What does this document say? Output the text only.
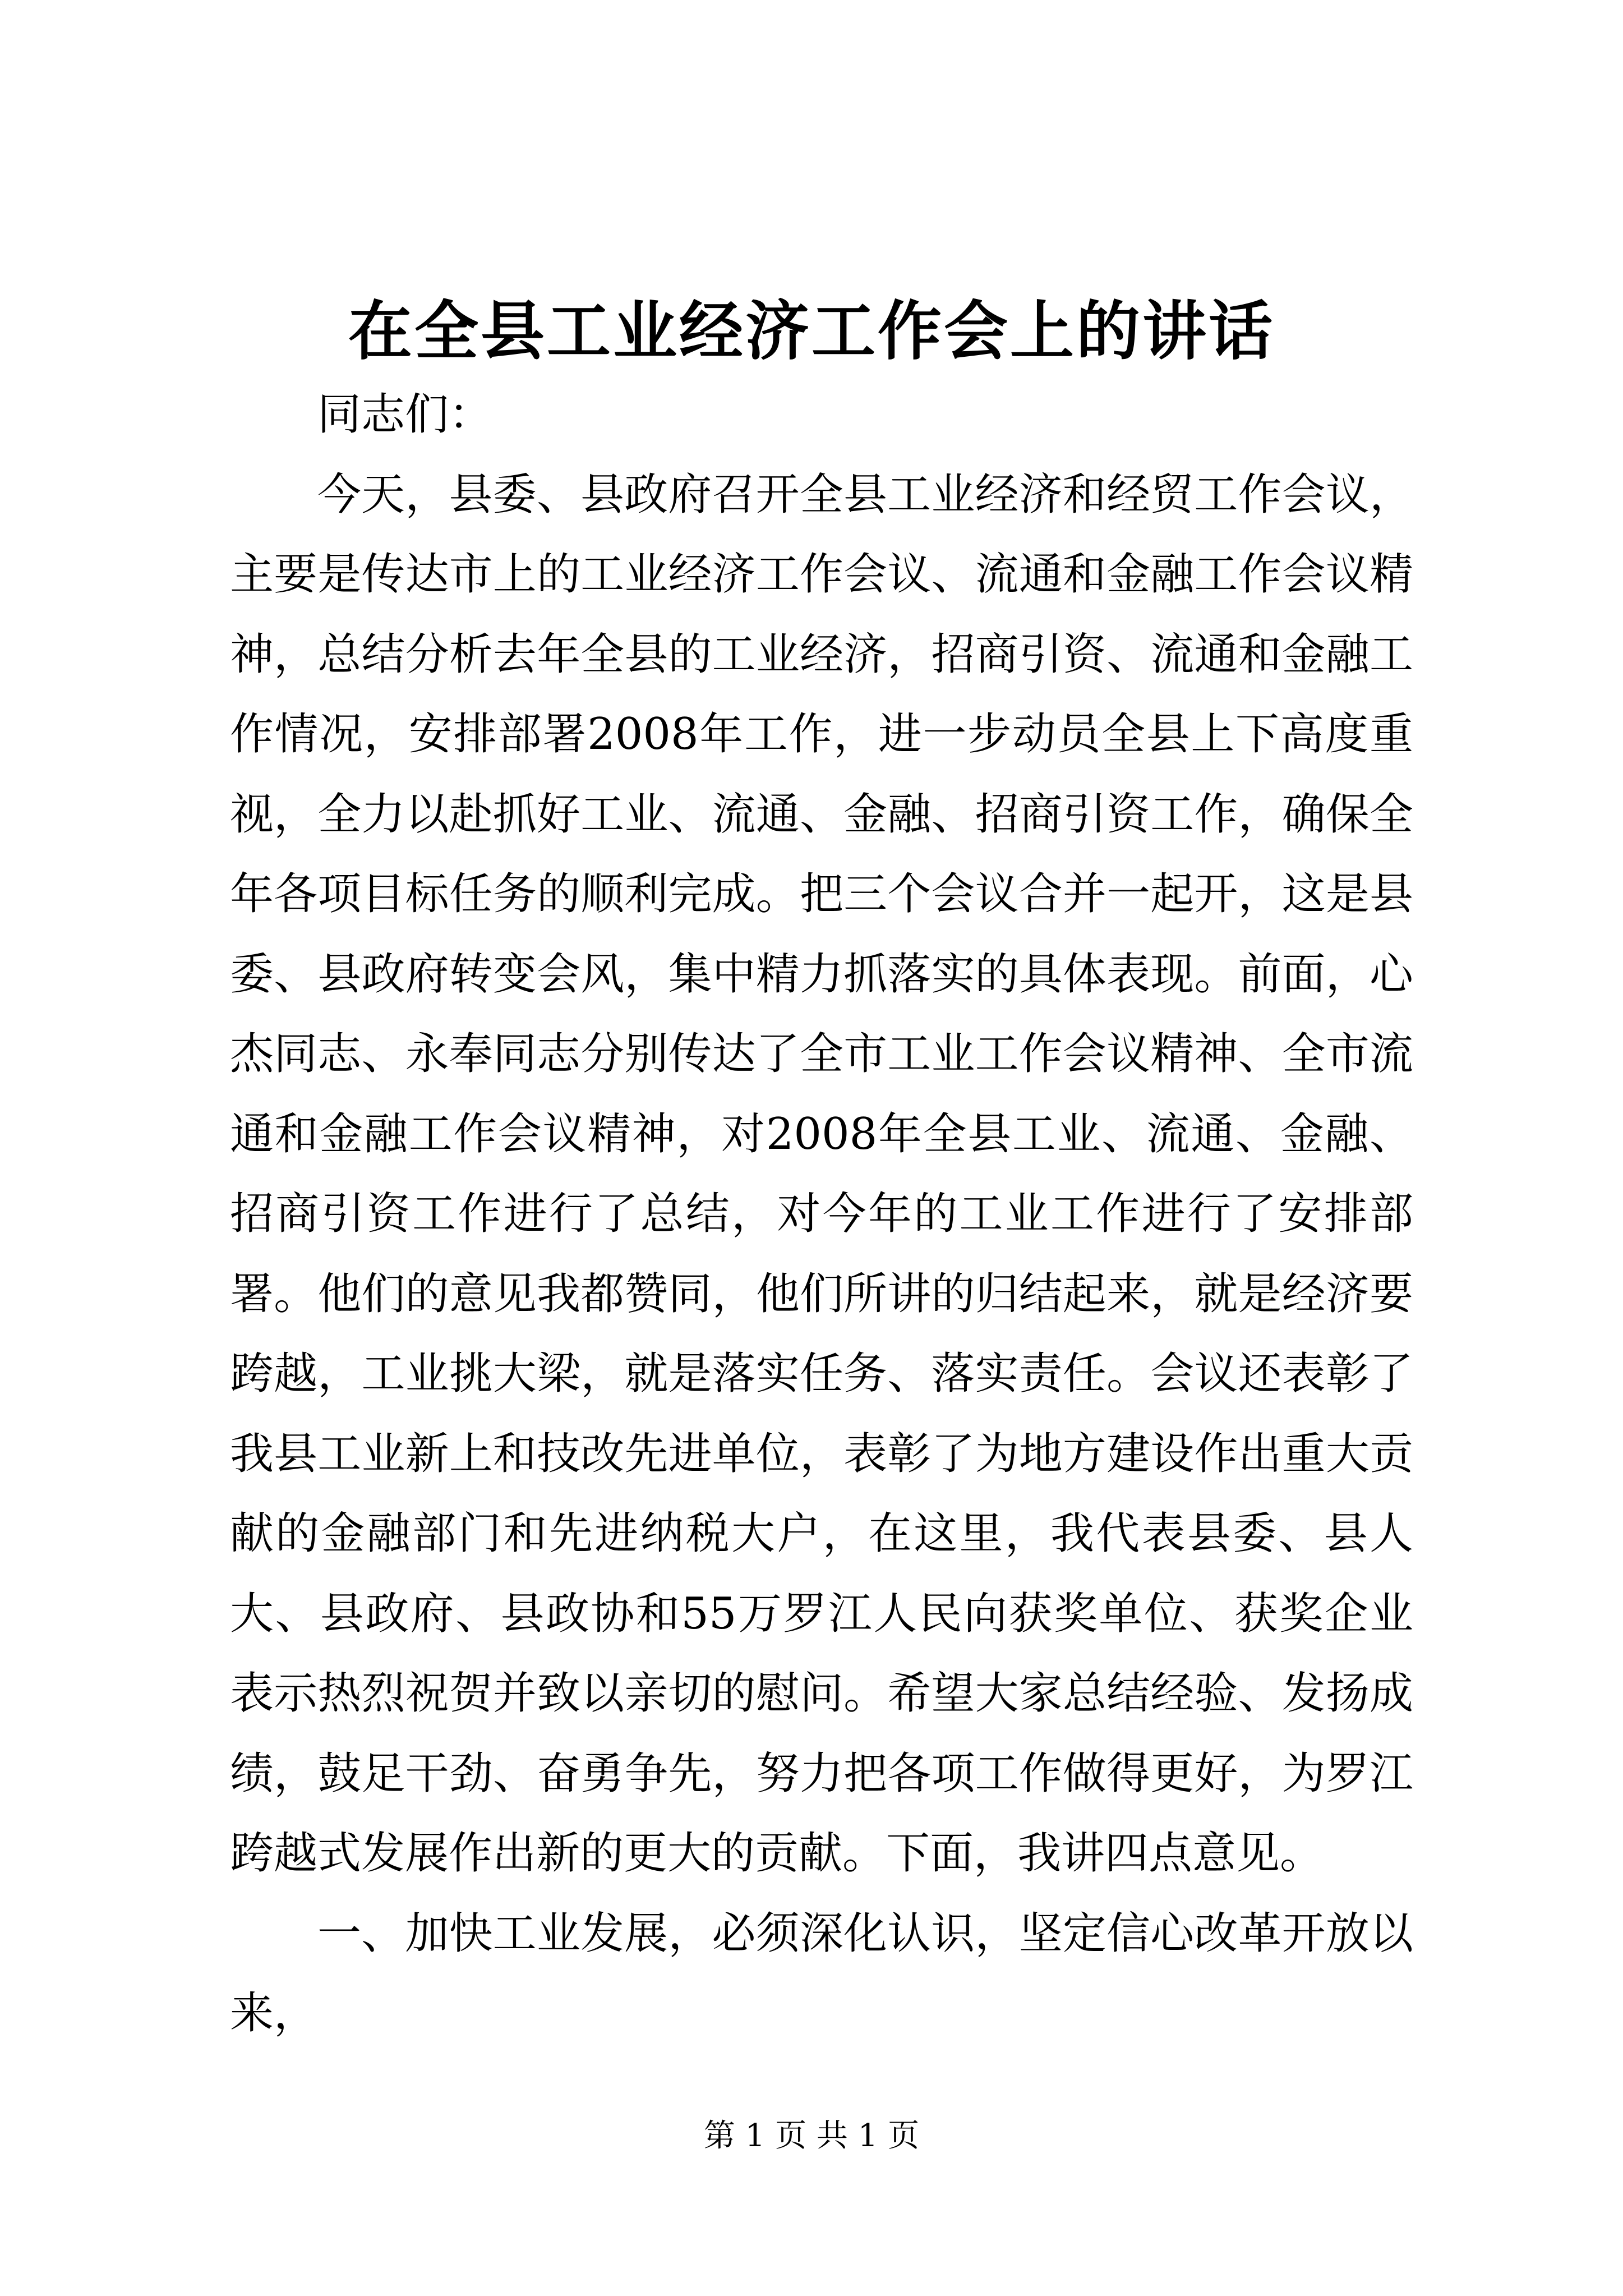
在全县工业经济工作会上的讲话

同志们：

今天，县委、县政府召开全县工业经济和经贸工作会议，主要是传达市上的工业经济工作会议、流通和金融工作会议精神，总结分析去年全县的工业经济，招商引资、流通和金融工作情况，安排部署2008年工作，进一步动员全县上下高度重视，全力以赴抓好工业、流通、金融、招商引资工作，确保全年各项目标任务的顺利完成。把三个会议合并一起开，这是县委、县政府转变会风，集中精力抓落实的具体表现。前面，心杰同志、永奉同志分别传达了全市工业工作会议精神、全市流通和金融工作会议精神，对2008年全县工业、流通、金融、招商引资工作进行了总结，对今年的工业工作进行了安排部署。他们的意见我都赞同，他们所讲的归结起来，就是经济要跨越，工业挑大梁，就是落实任务、落实责任。会议还表彰了我县工业新上和技改先进单位，表彰了为地方建设作出重大贡献的金融部门和先进纳税大户，在这里，我代表县委、县人大、县政府、县政协和55万罗江人民向获奖单位、获奖企业表示热烈祝贺并致以亲切的慰问。希望大家总结经验、发扬成绩，鼓足干劲、奋勇争先，努力把各项工作做得更好，为罗江跨越式发展作出新的更大的贡献。下面，我讲四点意见。

一、加快工业发展，必须深化认识，坚定信心改革开放以来，

第 1 页 共 1 页
